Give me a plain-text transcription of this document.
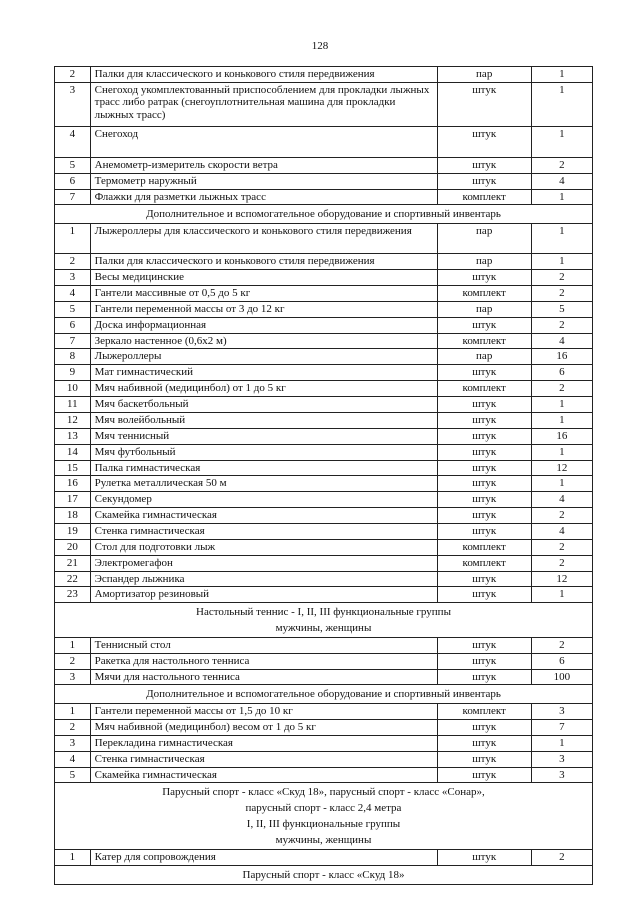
128
2	Палки для классического и конькового стиля передвижения	пар	1
3	Снегоход укомплектованный приспособлением для прокладки лыжных трасс либо ратрак (снегоуплотнительная машина для прокладки лыжных трасс)	штук	1
4	Снегоход	штук	1
5	Анемометр-измеритель скорости ветра	штук	2
6	Термометр наружный	штук	4
7	Флажки для разметки лыжных трасс	комплект	1

Дополнительное и вспомогательное оборудование и спортивный инвентарь			

1	Лыжероллеры для классического и конькового стиля передвижения	пар	1
2	Палки для классического и конькового стиля передвижения	пар	1
3	Весы медицинские	штук	2
4	Гантели массивные от 0,5 до 5 кг	комплект	2
5	Гантели переменной массы от 3 до 12 кг	пар	5
6	Доска информационная	штук	2
7	Зеркало настенное (0,6х2 м)	комплект	4
8	Лыжероллеры	пар	16
9	Мат гимнастический	штук	6
10	Мяч набивной (медицинбол) от 1 до 5 кг	комплект	2
11	Мяч баскетбольный	штук	1
12	Мяч волейбольный	штук	1
13	Мяч теннисный	штук	16
14	Мяч футбольный	штук	1
15	Палка гимнастическая	штук	12
16	Рулетка металлическая 50 м	штук	1
17	Секундомер	штук	4
18	Скамейка гимнастическая	штук	2
19	Стенка гимнастическая	штук	4
20	Стол для подготовки лыж	комплект	2
21	Электромегафон	комплект	2
22	Эспандер лыжника	штук	12
23	Амортизатор резиновый	штук	1

Настольный теннис - I, II, III функциональные группы
мужчины, женщины			

1	Теннисный стол	штук	2
2	Ракетка для настольного тенниса	штук	6
3	Мячи для настольного тенниса	штук	100

Дополнительное и вспомогательное оборудование и спортивный инвентарь			

1	Гантели переменной массы от 1,5 до 10 кг	комплект	3
2	Мяч набивной (медицинбол) весом от 1 до 5 кг	штук	7
3	Перекладина гимнастическая	штук	1
4	Стенка гимнастическая	штук	3
5	Скамейка гимнастическая	штук	3

Парусный спорт - класс «Скуд 18», парусный спорт - класс «Сонар»,
парусный спорт - класс 2,4 метра
I, II, III функциональные группы
мужчины, женщины			

1	Катер для сопровождения	штук	2

Парусный спорт - класс «Скуд 18»			
